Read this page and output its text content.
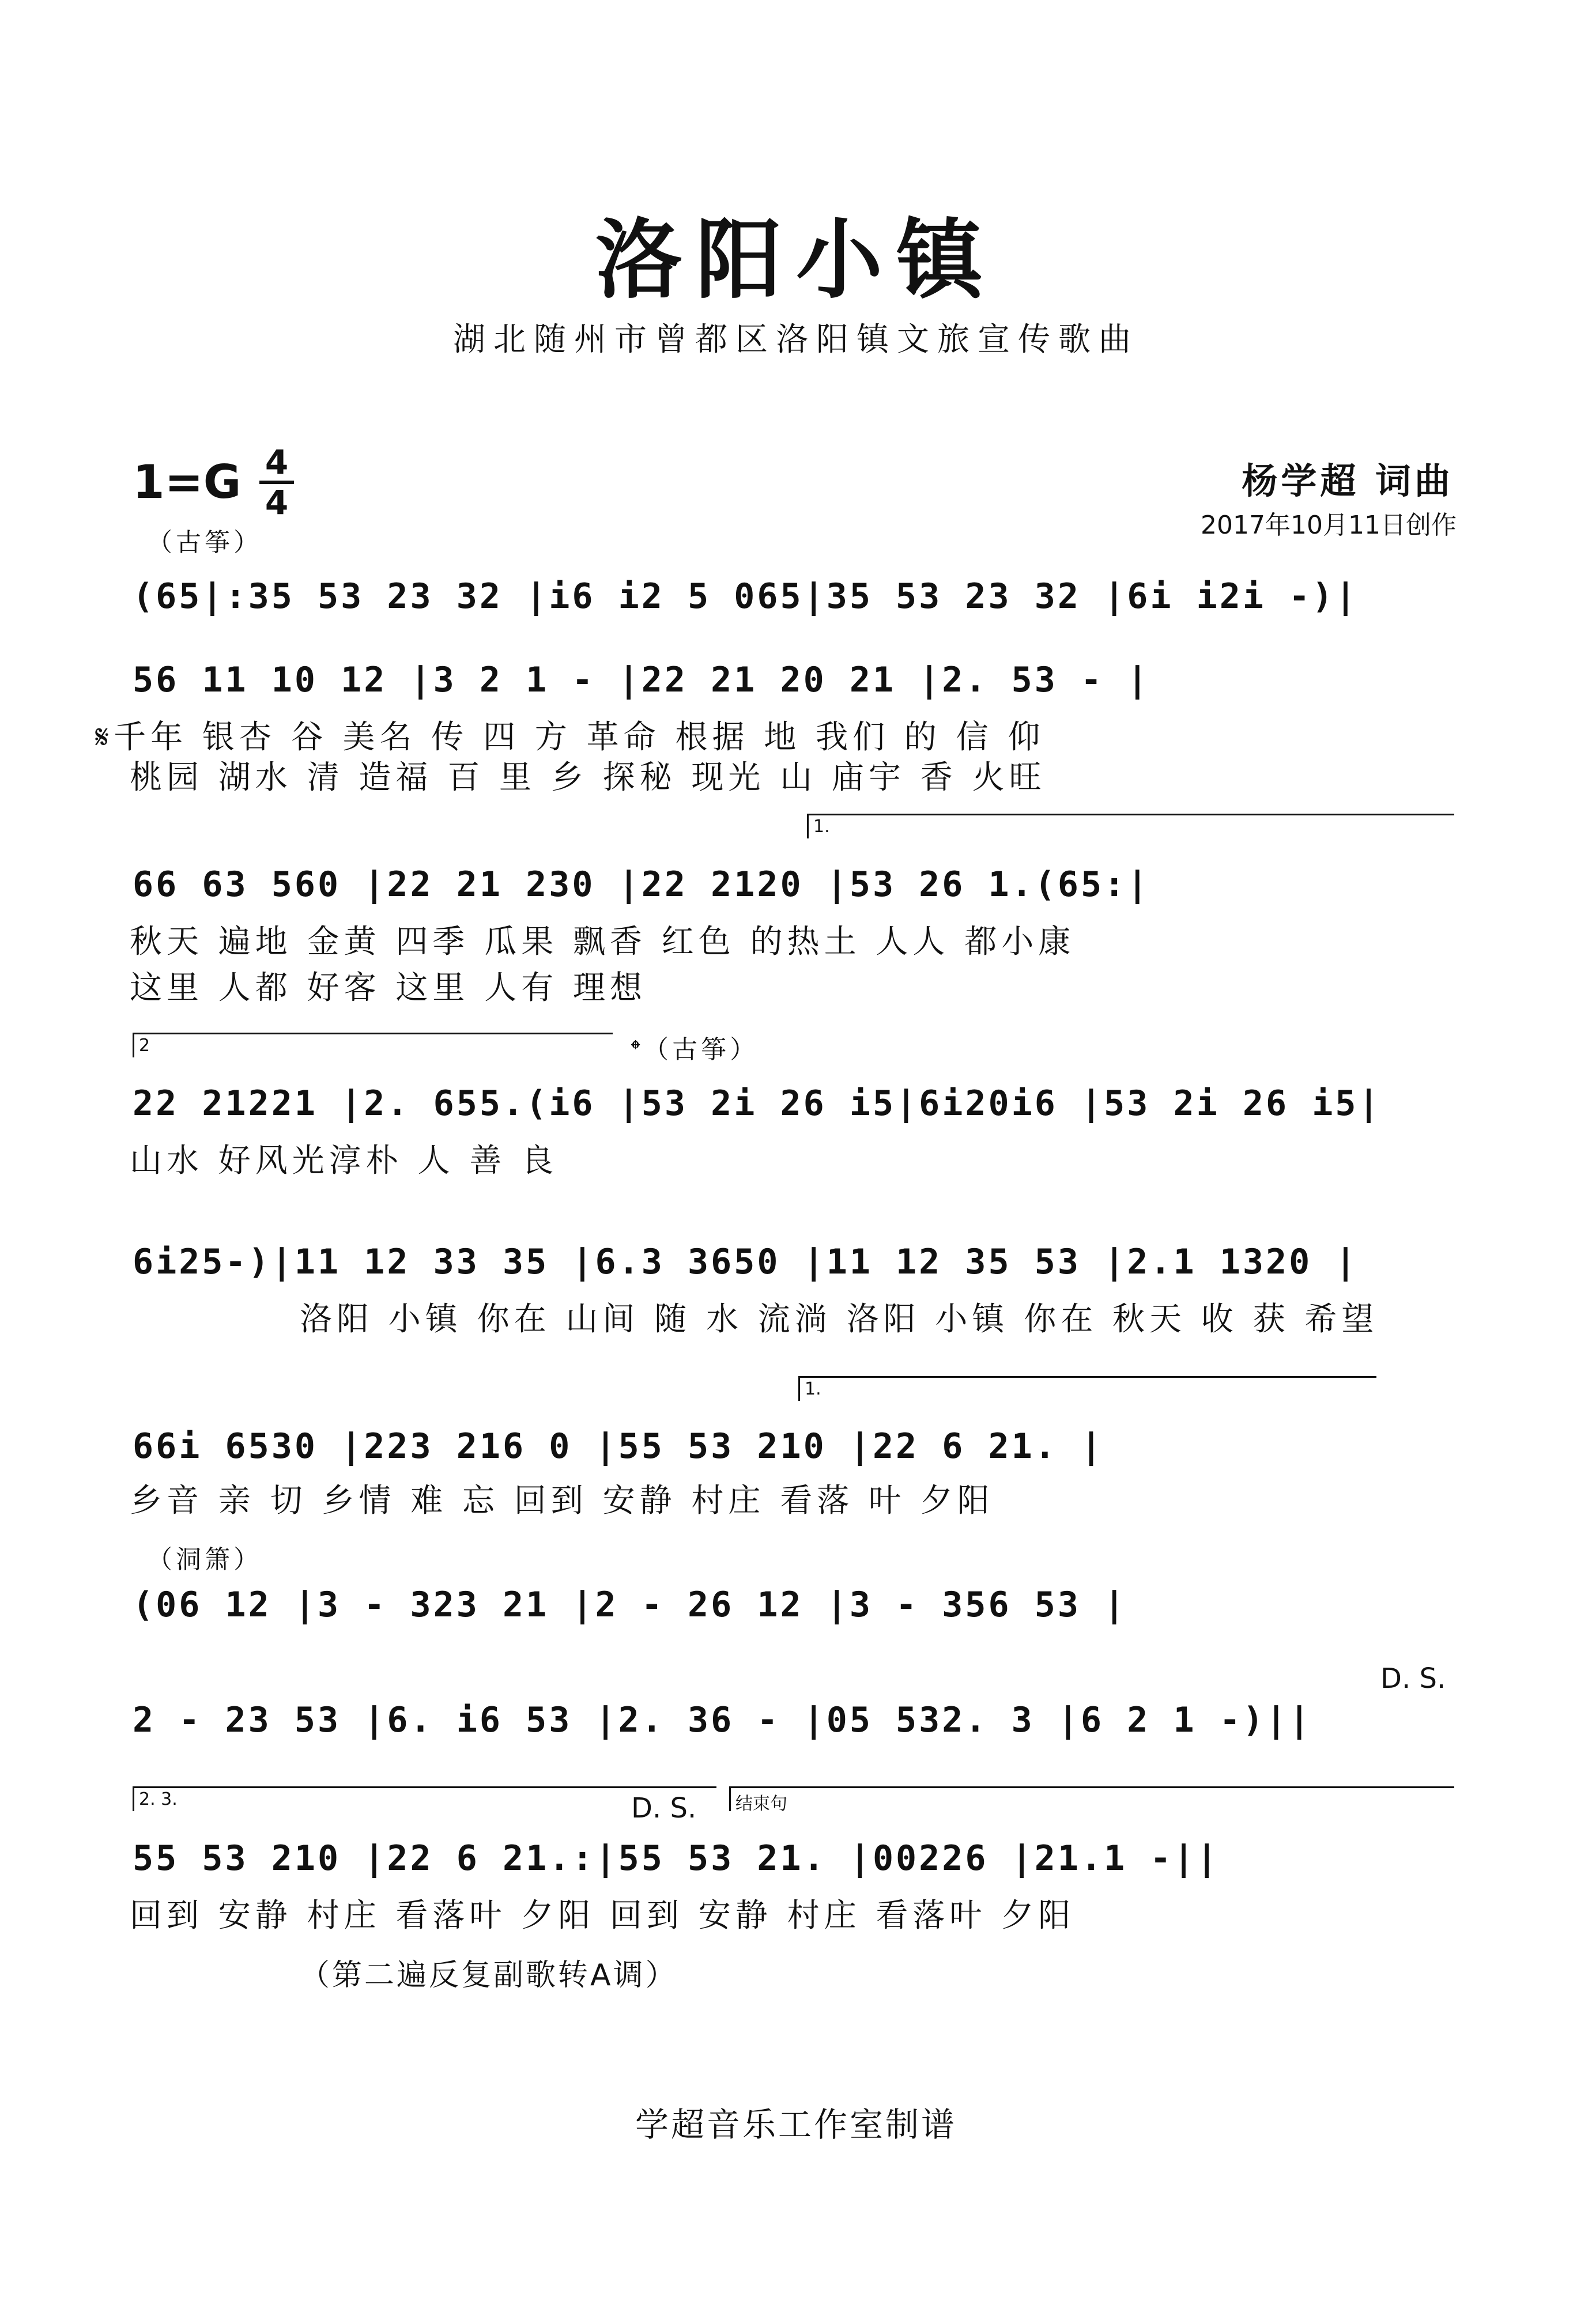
洛阳小镇
湖北随州市曾都区洛阳镇文旅宣传歌曲
1=G 4
4
杨学超 词曲
2017年10月11日创作
（古筝）
(65|:35 53 23 32 |i6 i2 5 065|35 53 23 32 |6i i2i -)|
56 11 10 12 |3 2 1 - |22 21 20 21 |2. 53 - |
𝄋千年 银杏 谷 美名 传 四 方 革命 根据 地 我们 的 信 仰
桃园 湖水 清 造福 百 里 乡 探秘 现光 山 庙宇 香 火旺
1.
66 63 560 |22 21 230 |22 2120 |53 26 1.(65:|
秋天 遍地 金黄 四季 瓜果 飘香 红色 的热土 人人 都小康
这里 人都 好客 这里 人有 理想
2	𝄌（古筝）
22 21221 |2. 655.(i6 |53 2i 26 i5|6i20i6 |53 2i 26 i5|
山水 好风光淳朴 人 善 良
6i25-)|11 12 33 35 |6.3 3650 |11 12 35 53 |2.1 1320 |
洛阳 小镇 你在 山间 随 水 流淌 洛阳 小镇 你在 秋天 收 获 希望
1.
66i 6530 |223 216 0 |55 53 210 |22 6 21. |
乡音 亲 切 乡情 难 忘 回到 安静 村庄 看落 叶 夕阳
（洞箫）
(06 12 |3 - 323 21 |2 - 26 12 |3 - 356 53 |
D. S.
2 - 23 53 |6. i6 53 |2. 36 - |05 532. 3 |6 2 1 -)||
2. 3.	结束句
D. S.
55 53 210 |22 6 21.:|55 53 21. |00226 |21.1 -||
回到 安静 村庄 看落叶 夕阳 回到 安静 村庄 看落叶 夕阳
（第二遍反复副歌转A调）
学超音乐工作室制谱
